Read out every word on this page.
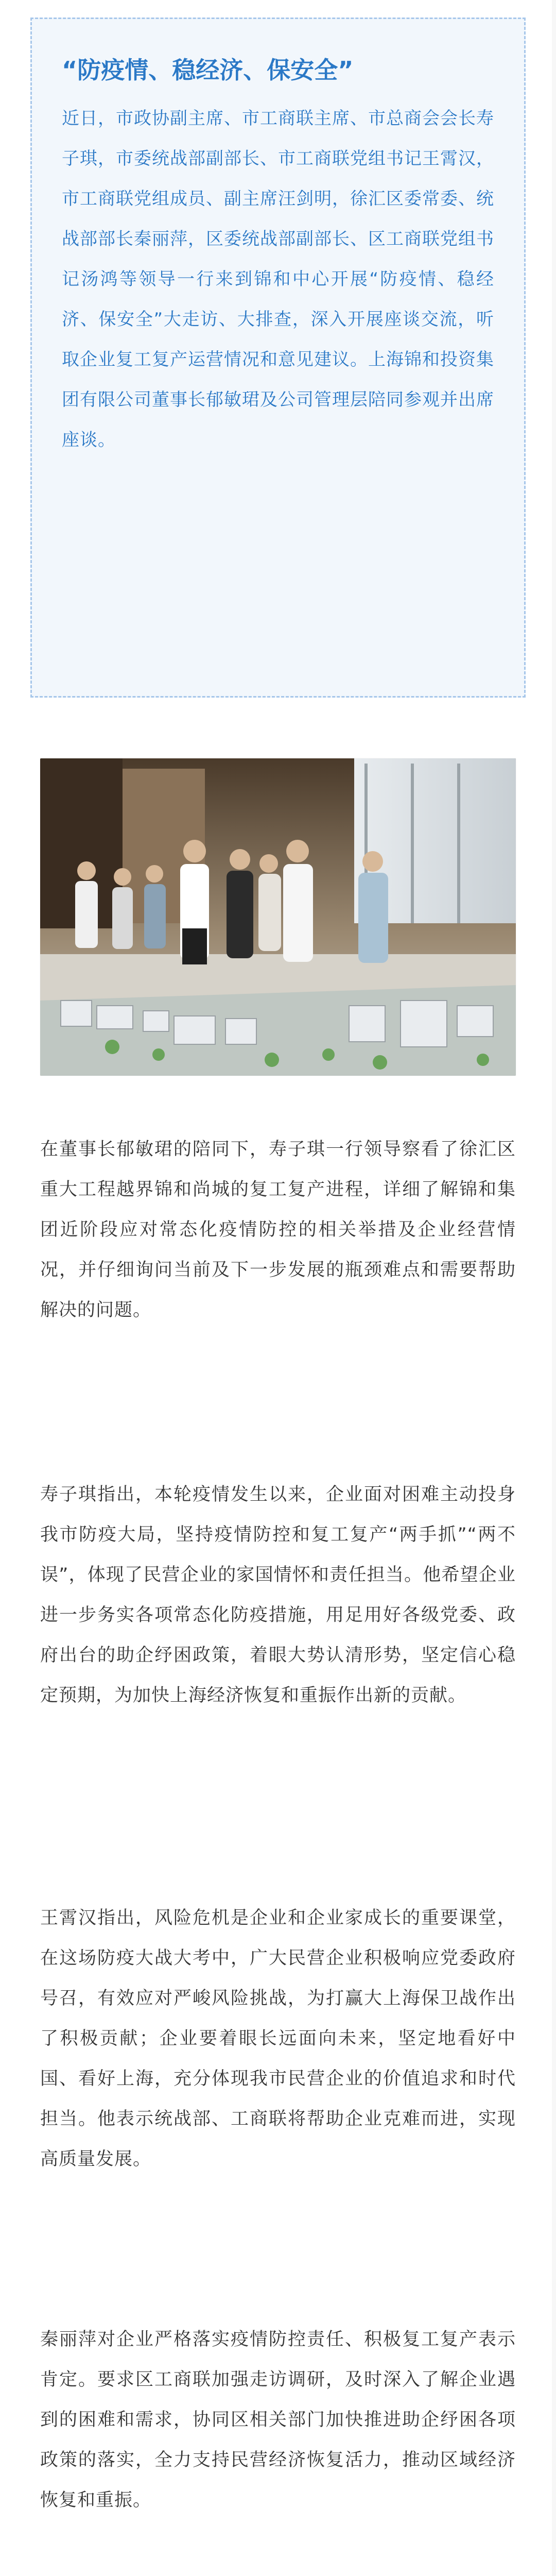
“防疫情、稳经济、保安全”

近日，市政协副主席、市工商联主席、市总商会会长寿子琪，市委统战部副部长、市工商联党组书记王霄汉，市工商联党组成员、副主席汪剑明，徐汇区委常委、统战部部长秦丽萍，区委统战部副部长、区工商联党组书记汤鸿等领导一行来到锦和中心开展“防疫情、稳经济、保安全”大走访、大排查，深入开展座谈交流，听取企业复工复产运营情况和意见建议。上海锦和投资集团有限公司董事长郁敏珺及公司管理层陪同参观并出席座谈。

在董事长郁敏珺的陪同下，寿子琪一行领导察看了徐汇区重大工程越界锦和尚城的复工复产进程，详细了解锦和集团近阶段应对常态化疫情防控的相关举措及企业经营情况，并仔细询问当前及下一步发展的瓶颈难点和需要帮助解决的问题。

寿子琪指出，本轮疫情发生以来，企业面对困难主动投身我市防疫大局，坚持疫情防控和复工复产“两手抓”“两不误”，体现了民营企业的家国情怀和责任担当。他希望企业进一步务实各项常态化防疫措施，用足用好各级党委、政府出台的助企纾困政策，着眼大势认清形势，坚定信心稳定预期，为加快上海经济恢复和重振作出新的贡献。

王霄汉指出，风险危机是企业和企业家成长的重要课堂，在这场防疫大战大考中，广大民营企业积极响应党委政府号召，有效应对严峻风险挑战，为打赢大上海保卫战作出了积极贡献；企业要着眼长远面向未来，坚定地看好中国、看好上海，充分体现我市民营企业的价值追求和时代担当。他表示统战部、工商联将帮助企业克难而进，实现高质量发展。

秦丽萍对企业严格落实疫情防控责任、积极复工复产表示肯定。要求区工商联加强走访调研，及时深入了解企业遇到的困难和需求，协同区相关部门加快推进助企纾困各项政策的落实，全力支持民营经济恢复活力，推动区域经济恢复和重振。
